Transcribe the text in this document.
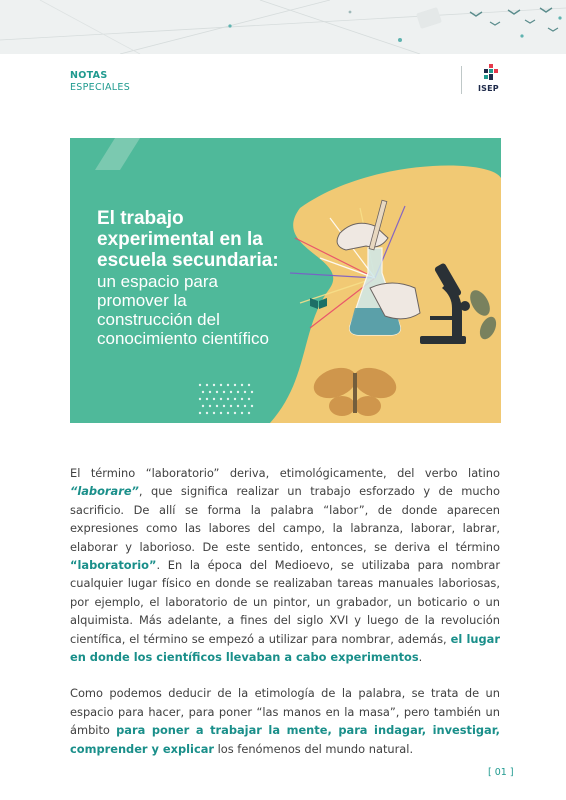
NOTAS
ESPECIALES	ISEP
El trabajo experimental en la escuela secundaria:
un espacio para promover la construcción del conocimiento científico

El término “laboratorio” deriva, etimológicamente, del verbo latino “laborare”, que significa realizar un trabajo esforzado y de mucho sacrificio. De allí se forma la palabra “labor”, de donde aparecen expresiones como las labores del campo, la labranza, laborar, labrar, elaborar y laborioso. De este sentido, entonces, se deriva el término “laboratorio”. En la época del Medioevo, se utilizaba para nombrar cualquier lugar físico en donde se realizaban tareas manuales laboriosas, por ejemplo, el laboratorio de un pintor, un grabador, un boticario o un alquimista. Más adelante, a fines del siglo XVI y luego de la revolución científica, el término se empezó a utilizar para nombrar, además, el lugar en donde los científicos llevaban a cabo experimentos.

Como podemos deducir de la etimología de la palabra, se trata de un espacio para hacer, para poner “las manos en la masa”, pero también un ámbito para poner a trabajar la mente, para indagar, investigar, comprender y explicar los fenómenos del mundo natural.

[ 01 ]
